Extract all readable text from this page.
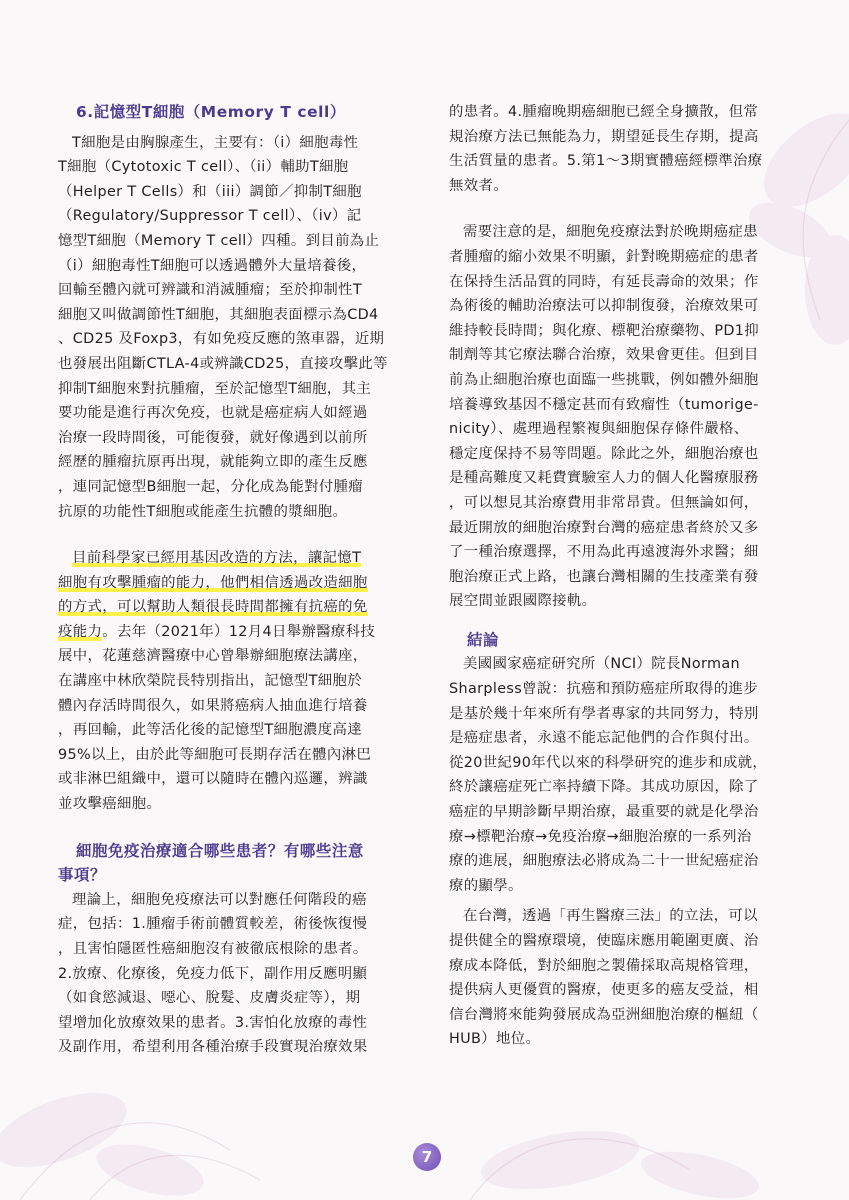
6.記憶型T細胞（Memory T cell）
T細胞是由胸腺產生，主要有：（i）細胞毒性
T細胞（Cytotoxic T cell）、（ii）輔助T細胞
（Helper T Cells）和（iii）調節／抑制T細胞
（Regulatory/Suppressor T cell）、（iv）記
憶型T細胞（Memory T cell）四種。到目前為止
（i）細胞毒性T細胞可以透過體外大量培養後，
回輸至體內就可辨識和消滅腫瘤；至於抑制性T
細胞又叫做調節性T細胞，其細胞表面標示為CD4
、CD25 及Foxp3，有如免疫反應的煞車器，近期
也發展出阻斷CTLA-4或辨識CD25，直接攻擊此等
抑制T細胞來對抗腫瘤，至於記憶型T細胞，其主
要功能是進行再次免疫，也就是癌症病人如經過
治療一段時間後，可能復發，就好像遇到以前所
經歷的腫瘤抗原再出現，就能夠立即的產生反應
，連同記憶型B細胞一起，分化成為能對付腫瘤
抗原的功能性T細胞或能產生抗體的漿細胞。
目前科學家已經用基因改造的方法，讓記憶T
細胞有攻擊腫瘤的能力，他們相信透過改造細胞
的方式，可以幫助人類很長時間都擁有抗癌的免
疫能力。去年（2021年）12月4日舉辦醫療科技
展中，花蓮慈濟醫療中心曾舉辦細胞療法講座，
在講座中林欣榮院長特別指出，記憶型T細胞於
體內存活時間很久，如果將癌病人抽血進行培養
，再回輸，此等活化後的記憶型T細胞濃度高達
95%以上，由於此等細胞可長期存活在體內淋巴
或非淋巴組織中，還可以隨時在體內巡邏，辨識
並攻擊癌細胞。
細胞免疫治療適合哪些患者？有哪些注意
事項？
理論上，細胞免疫療法可以對應任何階段的癌
症，包括：1.腫瘤手術前體質較差，術後恢復慢
，且害怕隱匿性癌細胞沒有被徹底根除的患者。
2.放療、化療後，免疫力低下，副作用反應明顯
（如食慾減退、噁心、脫髮、皮膚炎症等），期
望增加化放療效果的患者。3.害怕化放療的毒性
及副作用，希望利用各種治療手段實現治療效果
的患者。4.腫瘤晚期癌細胞已經全身擴散，但常
規治療方法已無能為力，期望延長生存期，提高
生活質量的患者。5.第1～3期實體癌經標準治療
無效者。
需要注意的是，細胞免疫療法對於晚期癌症患
者腫瘤的縮小效果不明顯，針對晚期癌症的患者
在保持生活品質的同時，有延長壽命的效果；作
為術後的輔助治療法可以抑制復發，治療效果可
維持較長時間；與化療、標靶治療藥物、PD1抑
制劑等其它療法聯合治療，效果會更佳。但到目
前為止細胞治療也面臨一些挑戰，例如體外細胞
培養導致基因不穩定甚而有致瘤性（tumorige-
nicity）、處理過程繁複與細胞保存條件嚴格、
穩定度保持不易等問題。除此之外，細胞治療也
是種高難度又耗費實驗室人力的個人化醫療服務
，可以想見其治療費用非常昂貴。但無論如何，
最近開放的細胞治療對台灣的癌症患者終於又多
了一種治療選擇，不用為此再遠渡海外求醫；細
胞治療正式上路，也讓台灣相關的生技產業有發
展空間並跟國際接軌。
結論
美國國家癌症研究所（NCI）院長Norman
Sharpless曾說：抗癌和預防癌症所取得的進步
是基於幾十年來所有學者專家的共同努力，特別
是癌症患者，永遠不能忘記他們的合作與付出。
從20世紀90年代以來的科學研究的進步和成就，
終於讓癌症死亡率持續下降。其成功原因，除了
癌症的早期診斷早期治療，最重要的就是化學治
療→標靶治療→免疫治療→細胞治療的一系列治
療的進展，細胞療法必將成為二十一世紀癌症治
療的顯學。
在台灣，透過「再生醫療三法」的立法，可以
提供健全的醫療環境，使臨床應用範圍更廣、治
療成本降低，對於細胞之製備採取高規格管理，
提供病人更優質的醫療，使更多的癌友受益，相
信台灣將來能夠發展成為亞洲細胞治療的樞紐（
HUB）地位。
7
